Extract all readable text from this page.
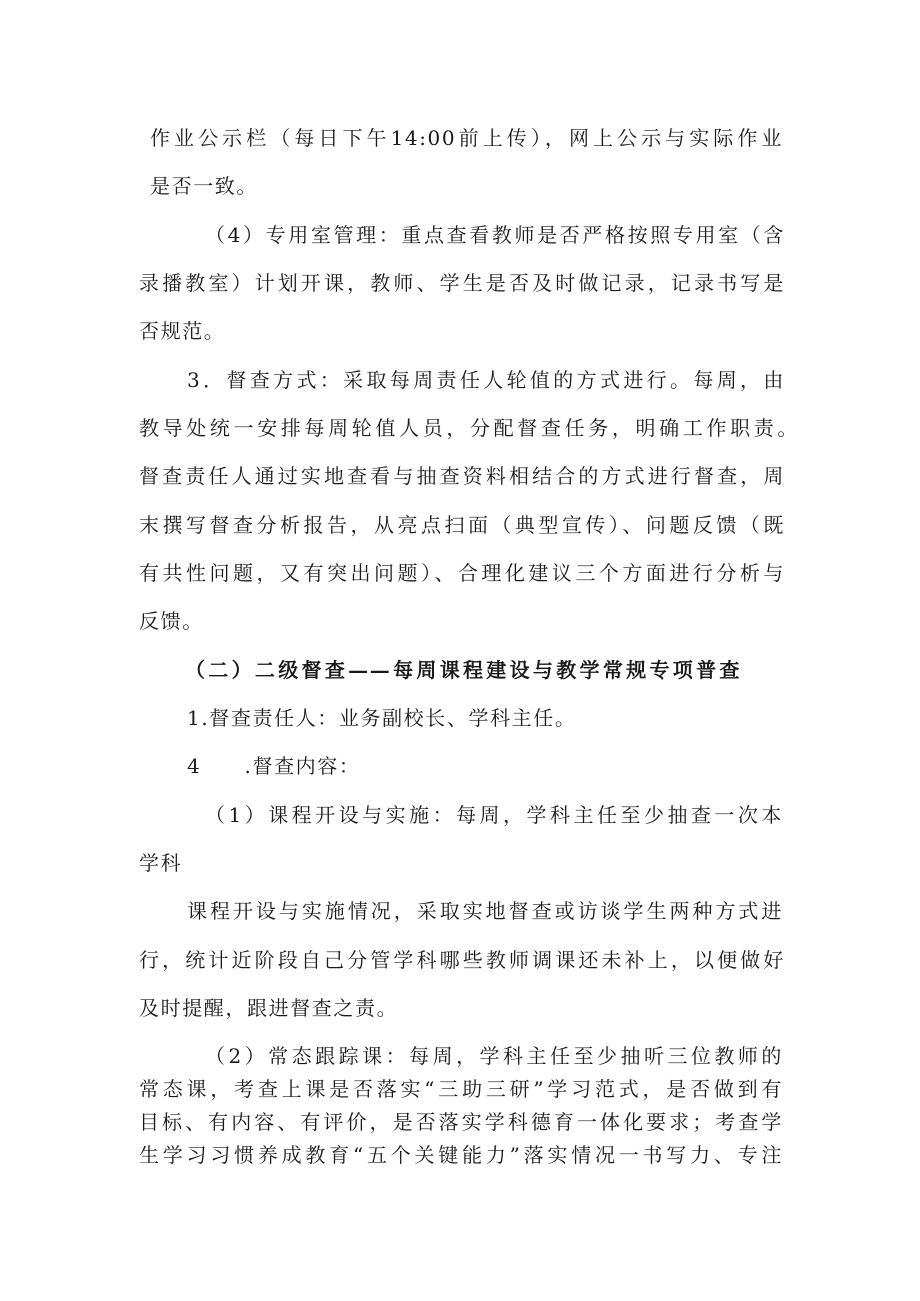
作业公示栏（每日下午14:00前上传），网上公示与实际作业
是否一致。
（4）专用室管理：重点查看教师是否严格按照专用室（含
录播教室）计划开课，教师、学生是否及时做记录，记录书写是
否规范。
3．督查方式：采取每周责任人轮值的方式进行。每周，由
教导处统一安排每周轮值人员，分配督查任务，明确工作职责。
督查责任人通过实地查看与抽查资料相结合的方式进行督查，周
末撰写督查分析报告，从亮点扫面（典型宣传）、问题反馈（既
有共性问题，又有突出问题）、合理化建议三个方面进行分析与
反馈。
（二）二级督查——每周课程建设与教学常规专项普查
1.督查责任人：业务副校长、学科主任。
4　　.督查内容：
（1）课程开设与实施：每周，学科主任至少抽查一次本
学科
课程开设与实施情况，采取实地督查或访谈学生两种方式进
行，统计近阶段自己分管学科哪些教师调课还未补上，以便做好
及时提醒，跟进督查之责。
（2）常态跟踪课：每周，学科主任至少抽听三位教师的
常态课，考查上课是否落实“三助三研”学习范式，是否做到有
目标、有内容、有评价，是否落实学科德育一体化要求；考查学
生学习习惯养成教育“五个关键能力”落实情况一书写力、专注
